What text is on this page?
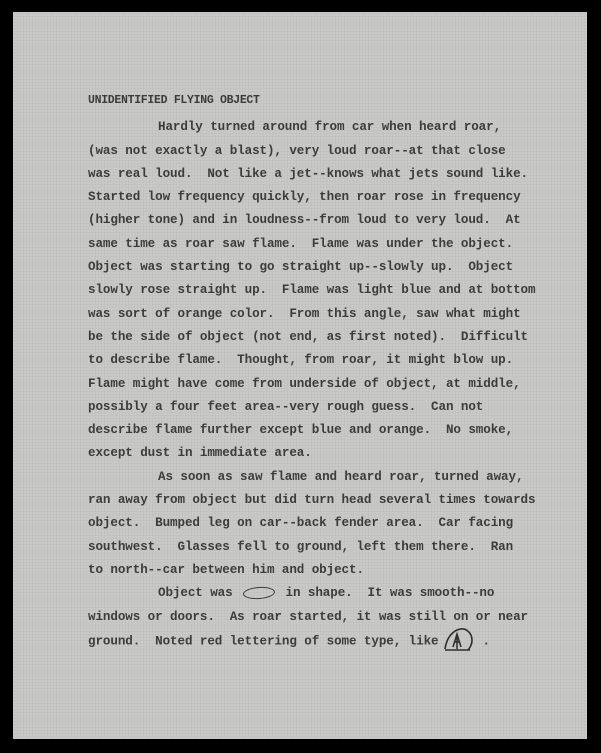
UNIDENTIFIED FLYING OBJECT
Hardly turned around from car when heard roar,
(was not exactly a blast), very loud roar--at that close
was real loud.  Not like a jet--knows what jets sound like.
Started low frequency quickly, then roar rose in frequency
(higher tone) and in loudness--from loud to very loud.  At
same time as roar saw flame.  Flame was under the object.
Object was starting to go straight up--slowly up.  Object
slowly rose straight up.  Flame was light blue and at bottom
was sort of orange color.  From this angle, saw what might
be the side of object (not end, as first noted).  Difficult
to describe flame.  Thought, from roar, it might blow up.
Flame might have come from underside of object, at middle,
possibly a four feet area--very rough guess.  Can not
describe flame further except blue and orange.  No smoke,
except dust in immediate area.
As soon as saw flame and heard roar, turned away,
ran away from object but did turn head several times towards
object.  Bumped leg on car--back fender area.  Car facing
southwest.  Glasses fell to ground, left them there.  Ran
to north--car between him and object.
Object was	in shape.  It was smooth--no
windows or doors.  As roar started, it was still on or near
ground.  Noted red lettering of some type, like	.
